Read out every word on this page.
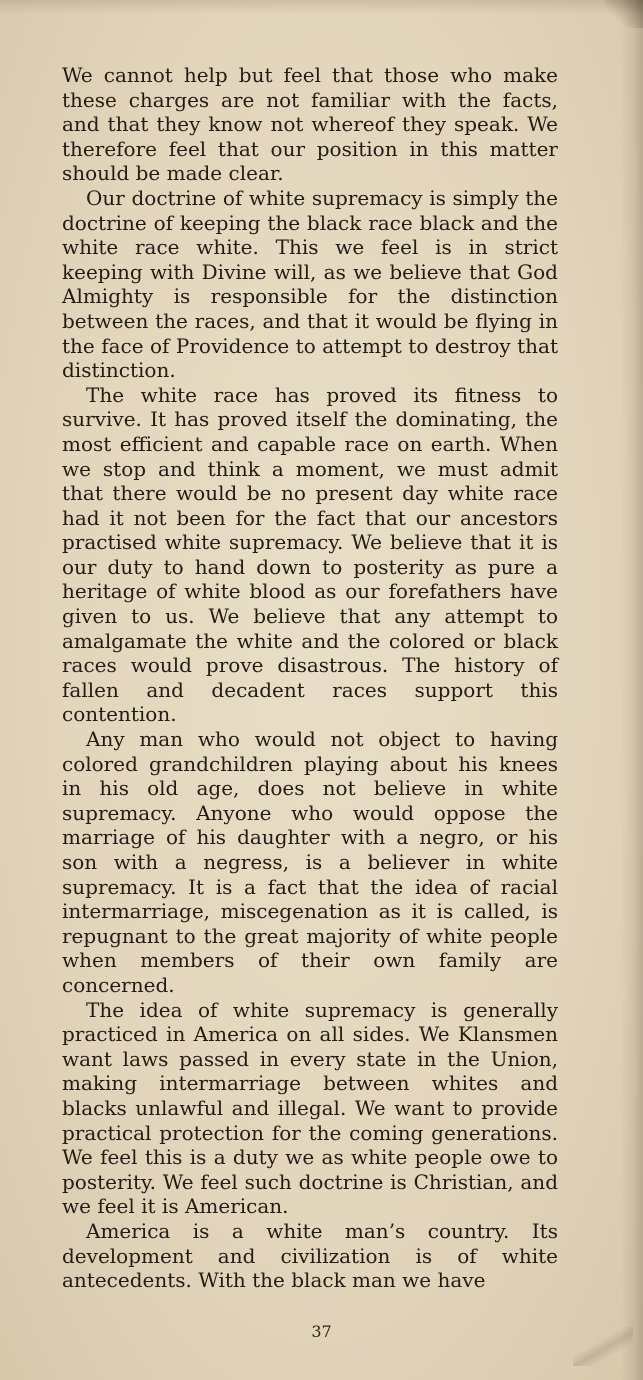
We cannot help but feel that those who make these charges are not familiar with the facts, and that they know not whereof they speak. We therefore feel that our position in this matter should be made clear.

Our doctrine of white supremacy is simply the doctrine of keeping the black race black and the white race white. This we feel is in strict keeping with Divine will, as we believe that God Almighty is responsible for the distinction between the races, and that it would be flying in the face of Providence to attempt to destroy that distinction.

The white race has proved its fitness to survive. It has proved itself the dominating, the most efficient and capable race on earth. When we stop and think a moment, we must admit that there would be no present day white race had it not been for the fact that our ancestors practised white supremacy. We believe that it is our duty to hand down to posterity as pure a heritage of white blood as our forefathers have given to us. We believe that any attempt to amalgamate the white and the colored or black races would prove disastrous. The history of fallen and decadent races support this contention.

Any man who would not object to having colored grandchildren playing about his knees in his old age, does not believe in white supremacy. Anyone who would oppose the marriage of his daughter with a negro, or his son with a negress, is a believer in white supremacy. It is a fact that the idea of racial intermarriage, miscegenation as it is called, is repugnant to the great majority of white people when members of their own family are concerned.

The idea of white supremacy is generally practiced in America on all sides. We Klansmen want laws passed in every state in the Union, making intermarriage between whites and blacks unlawful and illegal. We want to provide practical protection for the coming generations. We feel this is a duty we as white people owe to posterity. We feel such doctrine is Christian, and we feel it is American.

America is a white man’s country. Its development and civilization is of white antecedents. With the black man we have

37
